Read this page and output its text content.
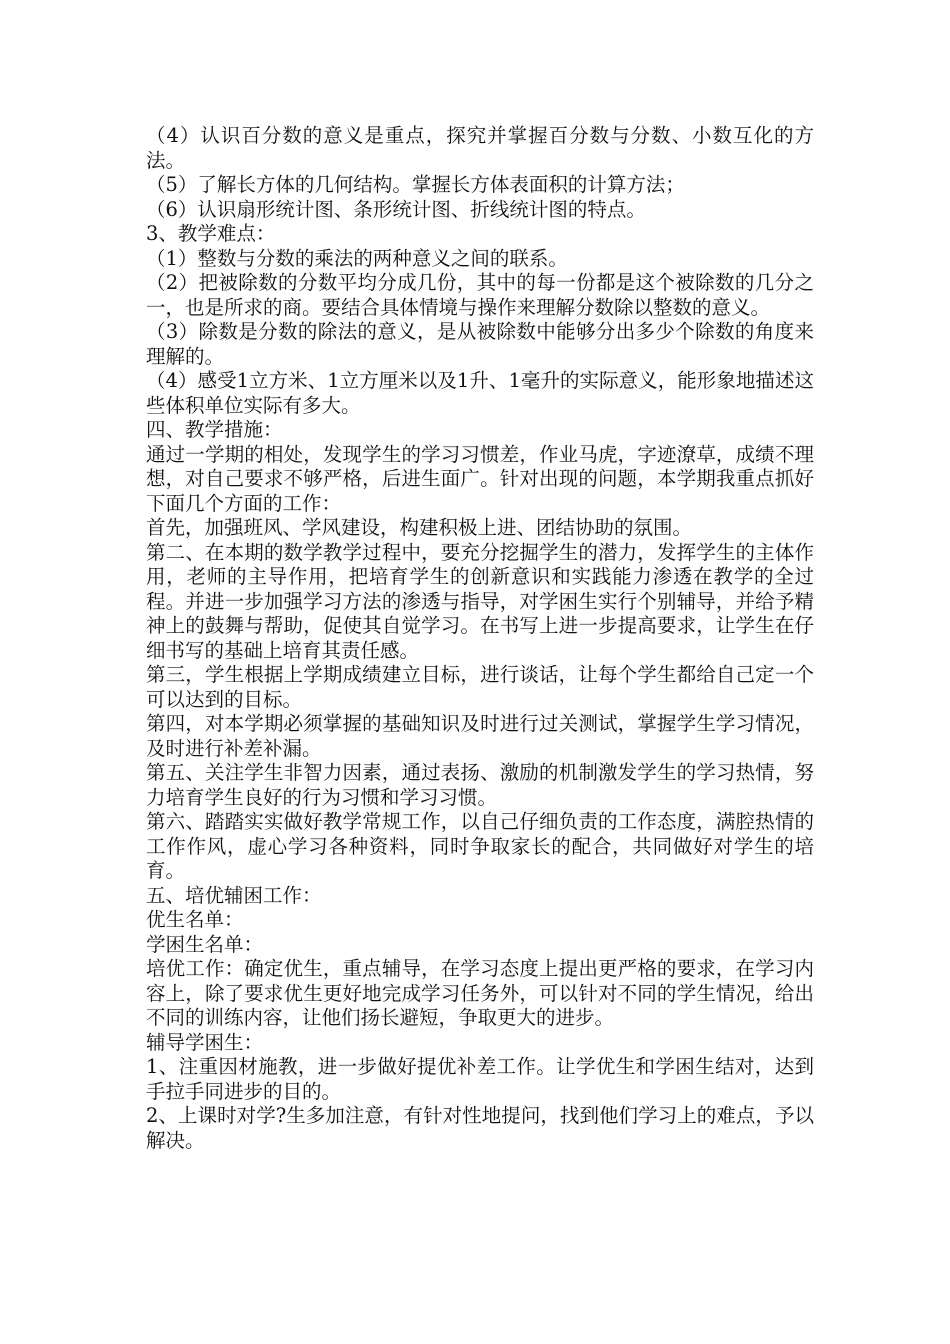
（4）认识百分数的意义是重点，探究并掌握百分数与分数、小数互化的方法。

（5）了解长方体的几何结构。掌握长方体表面积的计算方法；

（6）认识扇形统计图、条形统计图、折线统计图的特点。

3、教学难点：

（1）整数与分数的乘法的两种意义之间的联系。

（2）把被除数的分数平均分成几份，其中的每一份都是这个被除数的几分之一，也是所求的商。要结合具体情境与操作来理解分数除以整数的意义。

（3）除数是分数的除法的意义，是从被除数中能够分出多少个除数的角度来理解的。

（4）感受1立方米、1立方厘米以及1升、1毫升的实际意义，能形象地描述这些体积单位实际有多大。

四、教学措施：

通过一学期的相处，发现学生的学习习惯差，作业马虎，字迹潦草，成绩不理想，对自己要求不够严格，后进生面广。针对出现的问题，本学期我重点抓好下面几个方面的工作：

首先，加强班风、学风建设，构建积极上进、团结协助的氛围。

第二、在本期的数学教学过程中，要充分挖掘学生的潜力，发挥学生的主体作用，老师的主导作用，把培育学生的创新意识和实践能力渗透在教学的全过程。并进一步加强学习方法的渗透与指导，对学困生实行个别辅导，并给予精神上的鼓舞与帮助，促使其自觉学习。在书写上进一步提高要求，让学生在仔细书写的基础上培育其责任感。

第三，学生根据上学期成绩建立目标，进行谈话，让每个学生都给自己定一个可以达到的目标。

第四，对本学期必须掌握的基础知识及时进行过关测试，掌握学生学习情况，及时进行补差补漏。

第五、关注学生非智力因素，通过表扬、激励的机制激发学生的学习热情，努力培育学生良好的行为习惯和学习习惯。

第六、踏踏实实做好教学常规工作，以自己仔细负责的工作态度，满腔热情的工作作风，虚心学习各种资料，同时争取家长的配合，共同做好对学生的培育。

五、培优辅困工作：

优生名单：

学困生名单：

培优工作：确定优生，重点辅导，在学习态度上提出更严格的要求，在学习内容上，除了要求优生更好地完成学习任务外，可以针对不同的学生情况，给出不同的训练内容，让他们扬长避短，争取更大的进步。

辅导学困生：

1、注重因材施教，进一步做好提优补差工作。让学优生和学困生结对，达到手拉手同进步的目的。

2、上课时对学?生多加注意，有针对性地提问，找到他们学习上的难点，予以解决。
